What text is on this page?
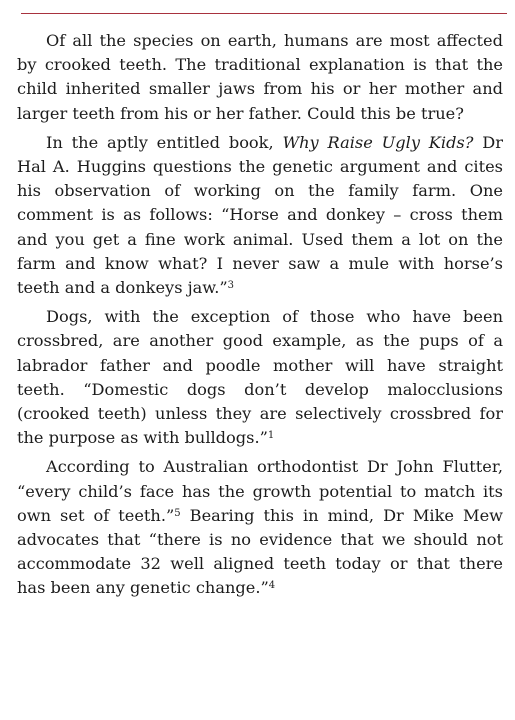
Of all the species on earth, humans are most affected by crooked teeth. The traditional explanation is that the child inherited smaller jaws from his or her mother and larger teeth from his or her father. Could this be true?

In the aptly entitled book, Why Raise Ugly Kids? Dr Hal A. Huggins questions the genetic argument and cites his observation of working on the family farm. One comment is as follows: “Horse and donkey – cross them and you get a fine work animal. Used them a lot on the farm and know what? I never saw a mule with horse’s teeth and a donkeys jaw.”$^3$

Dogs, with the exception of those who have been crossbred, are another good example, as the pups of a labrador father and poodle mother will have straight teeth. “Domestic dogs don’t develop malocclusions (crooked teeth) unless they are selectively crossbred for the purpose as with bulldogs.”$^1$

According to Australian orthodontist Dr John Flutter, “every child’s face has the growth potential to match its own set of teeth.”$^5$ Bearing this in mind, Dr Mike Mew advocates that “there is no evidence that we should not accommodate 32 well aligned teeth today or that there has been any genetic change.”$^4$
